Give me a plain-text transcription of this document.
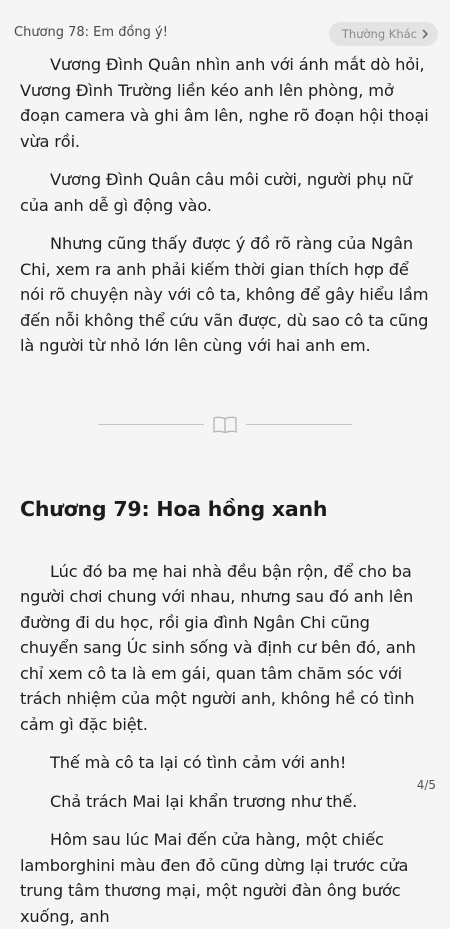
Chương 78: Em đồng ý!	Thường Khác

Vương Đình Quân nhìn anh với ánh mắt dò hỏi, Vương Đình Trường liền kéo anh lên phòng, mở đoạn camera và ghi âm lên, nghe rõ đoạn hội thoại vừa rồi.

Vương Đình Quân câu môi cười, người phụ nữ của anh dễ gì động vào.

Nhưng cũng thấy được ý đồ rõ ràng của Ngân Chi, xem ra anh phải kiếm thời gian thích hợp để nói rõ chuyện này với cô ta, không để gây hiểu lầm đến nỗi không thể cứu vãn được, dù sao cô ta cũng là người từ nhỏ lớn lên cùng với hai anh em.

Chương 79: Hoa hồng xanh

Lúc đó ba mẹ hai nhà đều bận rộn, để cho ba người chơi chung với nhau, nhưng sau đó anh lên đường đi du học, rồi gia đình Ngân Chi cũng chuyển sang Úc sinh sống và định cư bên đó, anh chỉ xem cô ta là em gái, quan tâm chăm sóc với trách nhiệm của một người anh, không hề có tình cảm gì đặc biệt.

Thế mà cô ta lại có tình cảm với anh!

Chả trách Mai lại khẩn trương như thế.

Hôm sau lúc Mai đến cửa hàng, một chiếc lamborghini màu đen đỏ cũng dừng lại trước cửa trung tâm thương mại, một người đàn ông bước xuống, anh

4/5
